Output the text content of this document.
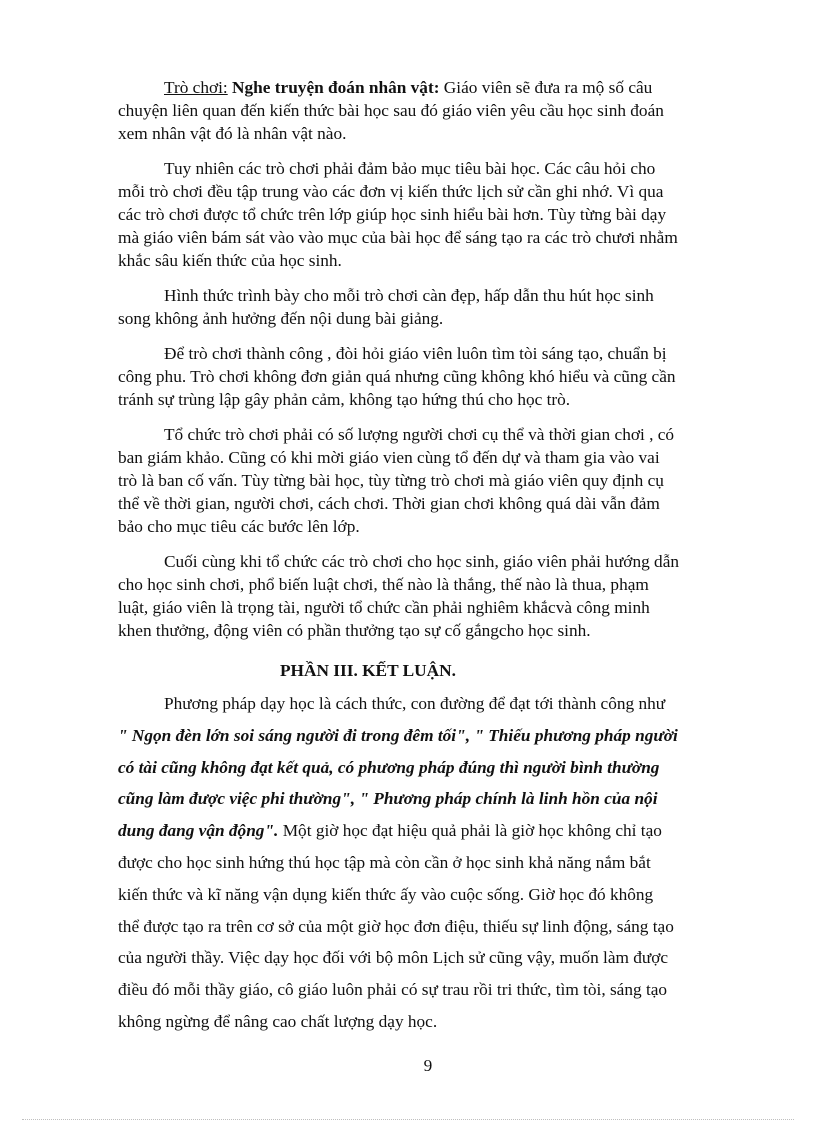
Trò chơi: Nghe truyện đoán nhân vật: Giáo viên sẽ đưa ra mộ số câu
chuyện liên quan đến kiến thức bài học sau đó giáo viên yêu cầu học sinh đoán
xem nhân vật đó là nhân vật nào.

Tuy nhiên các trò chơi phải đảm bảo mục tiêu bài học. Các câu hỏi cho
mỗi trò chơi đều tập trung vào các đơn vị kiến thức lịch sử cần ghi nhớ. Vì qua
các trò chơi được tổ chức trên lớp giúp học sinh hiểu bài hơn. Tùy từng bài dạy
mà giáo viên bám sát vào vào mục của bài học để sáng tạo ra các trò chươi nhằm
khắc sâu kiến thức của học sinh.

Hình thức trình bày cho mỗi trò chơi càn đẹp, hấp dẫn thu hút học sinh
song không ảnh hưởng đến nội dung bài giảng.

Để trò chơi thành công , đòi hỏi giáo viên luôn tìm tòi sáng tạo, chuẩn bị
công phu. Trò chơi không đơn giản quá nhưng cũng không khó hiểu và cũng cần
tránh sự trùng lập gây phản cảm, không tạo hứng thú cho học trò.

Tổ chức trò chơi phải có số lượng người chơi cụ thể và thời gian chơi , có
ban giám khảo. Cũng có khi mời giáo vien cùng tổ đến dự và tham gia vào vai
trò là ban cố vấn. Tùy từng bài học, tùy từng trò chơi mà giáo viên quy định cụ
thể về thời gian, người chơi, cách chơi. Thời gian chơi không quá dài vẫn đảm
bảo cho mục tiêu các bước lên lớp.

Cuối cùng khi tổ chức các trò chơi cho học sinh, giáo viên phải hướng dẫn
cho học sinh chơi, phổ biến luật chơi, thế nào là thắng, thế nào là thua, phạm
luật, giáo viên là trọng tài, người tổ chức cần phải nghiêm khắcvà công minh
khen thưởng, động viên có phần thưởng tạo sự cố gắngcho học sinh.

PHẦN III. KẾT LUẬN.
Phương pháp dạy học là cách thức, con đường để đạt tới thành công như
" Ngọn đèn lớn soi sáng người đi trong đêm tối", " Thiếu phương pháp người
có tài cũng không đạt kết quả, có phương pháp đúng thì người bình thường
cũng làm được việc phi thường", " Phương pháp chính là linh hồn của nội
dung đang vận động". Một giờ học đạt hiệu quả phải là giờ học không chỉ tạo
được cho học sinh hứng thú học tập mà còn cần ở học sinh khả năng nắm bắt
kiến thức và kĩ năng vận dụng kiến thức ấy vào cuộc sống. Giờ học đó không
thể được tạo ra trên cơ sở của một giờ học đơn điệu, thiếu sự linh động, sáng tạo
của người thầy. Việc dạy học đối với bộ môn Lịch sử cũng vậy, muốn làm được
điều đó mỗi thầy giáo, cô giáo luôn phải có sự trau rồi tri thức, tìm tòi, sáng tạo
không ngừng để nâng cao chất lượng dạy học.
9
